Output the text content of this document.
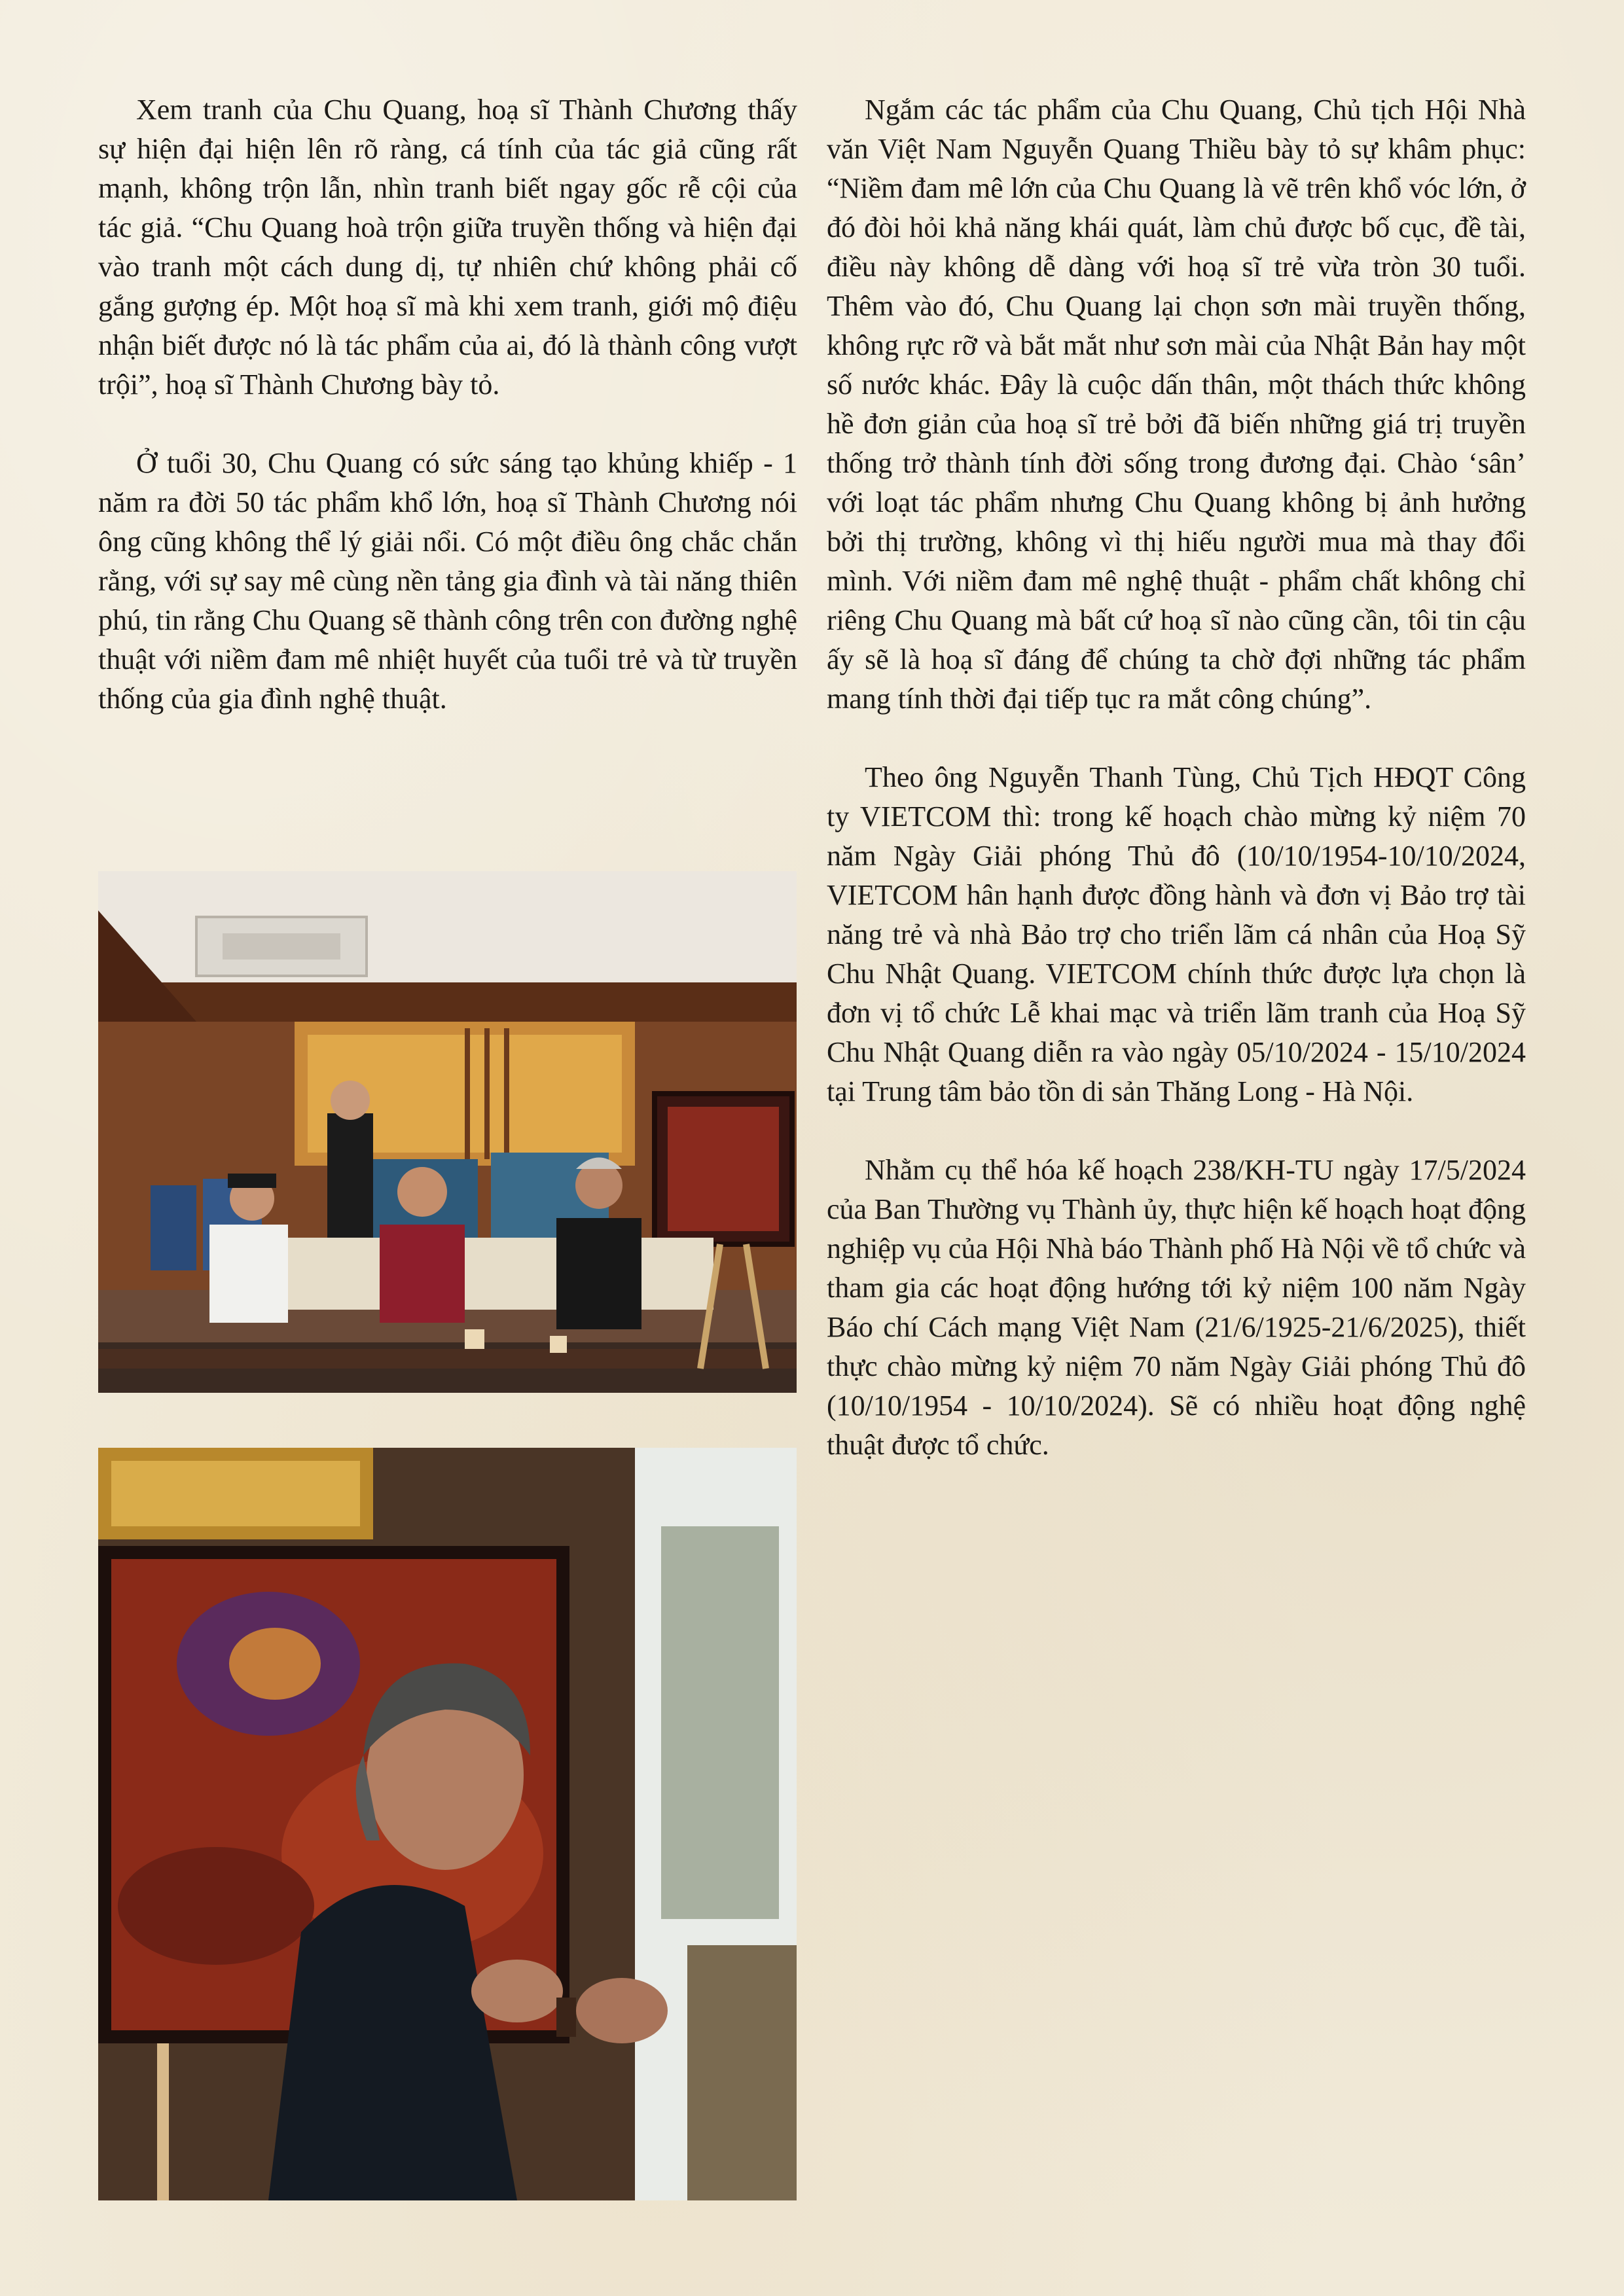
Xem tranh của Chu Quang, hoạ sĩ Thành Chương thấy sự hiện đại hiện lên rõ ràng, cá tính của tác giả cũng rất mạnh, không trộn lẫn, nhìn tranh biết ngay gốc rễ cội của tác giả. “Chu Quang hoà trộn giữa truyền thống và hiện đại vào tranh một cách dung dị, tự nhiên chứ không phải cố gắng gượng ép. Một hoạ sĩ mà khi xem tranh, giới mộ điệu nhận biết được nó là tác phẩm của ai, đó là thành công vượt trội”, hoạ sĩ Thành Chương bày tỏ.

Ở tuổi 30, Chu Quang có sức sáng tạo khủng khiếp - 1 năm ra đời 50 tác phẩm khổ lớn, hoạ sĩ Thành Chương nói ông cũng không thể lý giải nổi. Có một điều ông chắc chắn rằng, với sự say mê cùng nền tảng gia đình và tài năng thiên phú, tin rằng Chu Quang sẽ thành công trên con đường nghệ thuật với niềm đam mê nhiệt huyết của tuổi trẻ và từ truyền thống của gia đình nghệ thuật.

Ngắm các tác phẩm của Chu Quang, Chủ tịch Hội Nhà văn Việt Nam Nguyễn Quang Thiều bày tỏ sự khâm phục: “Niềm đam mê lớn của Chu Quang là vẽ trên khổ vóc lớn, ở đó đòi hỏi khả năng khái quát, làm chủ được bố cục, đề tài, điều này không dễ dàng với hoạ sĩ trẻ vừa tròn 30 tuổi. Thêm vào đó, Chu Quang lại chọn sơn mài truyền thống, không rực rỡ và bắt mắt như sơn mài của Nhật Bản hay một số nước khác. Đây là cuộc dấn thân, một thách thức không hề đơn giản của hoạ sĩ trẻ bởi đã biến những giá trị truyền thống trở thành tính đời sống trong đương đại. Chào ‘sân’ với loạt tác phẩm nhưng Chu Quang không bị ảnh hưởng bởi thị trường, không vì thị hiếu người mua mà thay đổi mình. Với niềm đam mê nghệ thuật - phẩm chất không chỉ riêng Chu Quang mà bất cứ hoạ sĩ nào cũng cần, tôi tin cậu ấy sẽ là hoạ sĩ đáng để chúng ta chờ đợi những tác phẩm mang tính thời đại tiếp tục ra mắt công chúng”.

Theo ông Nguyễn Thanh Tùng, Chủ Tịch HĐQT Công ty VIETCOM thì: trong kế hoạch chào mừng kỷ niệm 70 năm Ngày Giải phóng Thủ đô (10/10/1954-10/10/2024, VIETCOM hân hạnh được đồng hành và đơn vị Bảo trợ tài năng trẻ và nhà Bảo trợ cho triển lãm cá nhân của Hoạ Sỹ Chu Nhật Quang. VIETCOM chính thức được lựa chọn là đơn vị tổ chức Lễ khai mạc và triển lãm tranh của Hoạ Sỹ Chu Nhật Quang diễn ra vào ngày 05/10/2024 - 15/10/2024 tại Trung tâm bảo tồn di sản Thăng Long - Hà Nội.

Nhằm cụ thể hóa kế hoạch 238/KH-TU ngày 17/5/2024 của Ban Thường vụ Thành ủy, thực hiện kế hoạch hoạt động nghiệp vụ của Hội Nhà báo Thành phố Hà Nội về tổ chức và tham gia các hoạt động hướng tới kỷ niệm 100 năm Ngày Báo chí Cách mạng Việt Nam (21/6/1925-21/6/2025), thiết thực chào mừng kỷ niệm 70 năm Ngày Giải phóng Thủ đô (10/10/1954 - 10/10/2024). Sẽ có nhiều hoạt động nghệ thuật được tổ chức.
